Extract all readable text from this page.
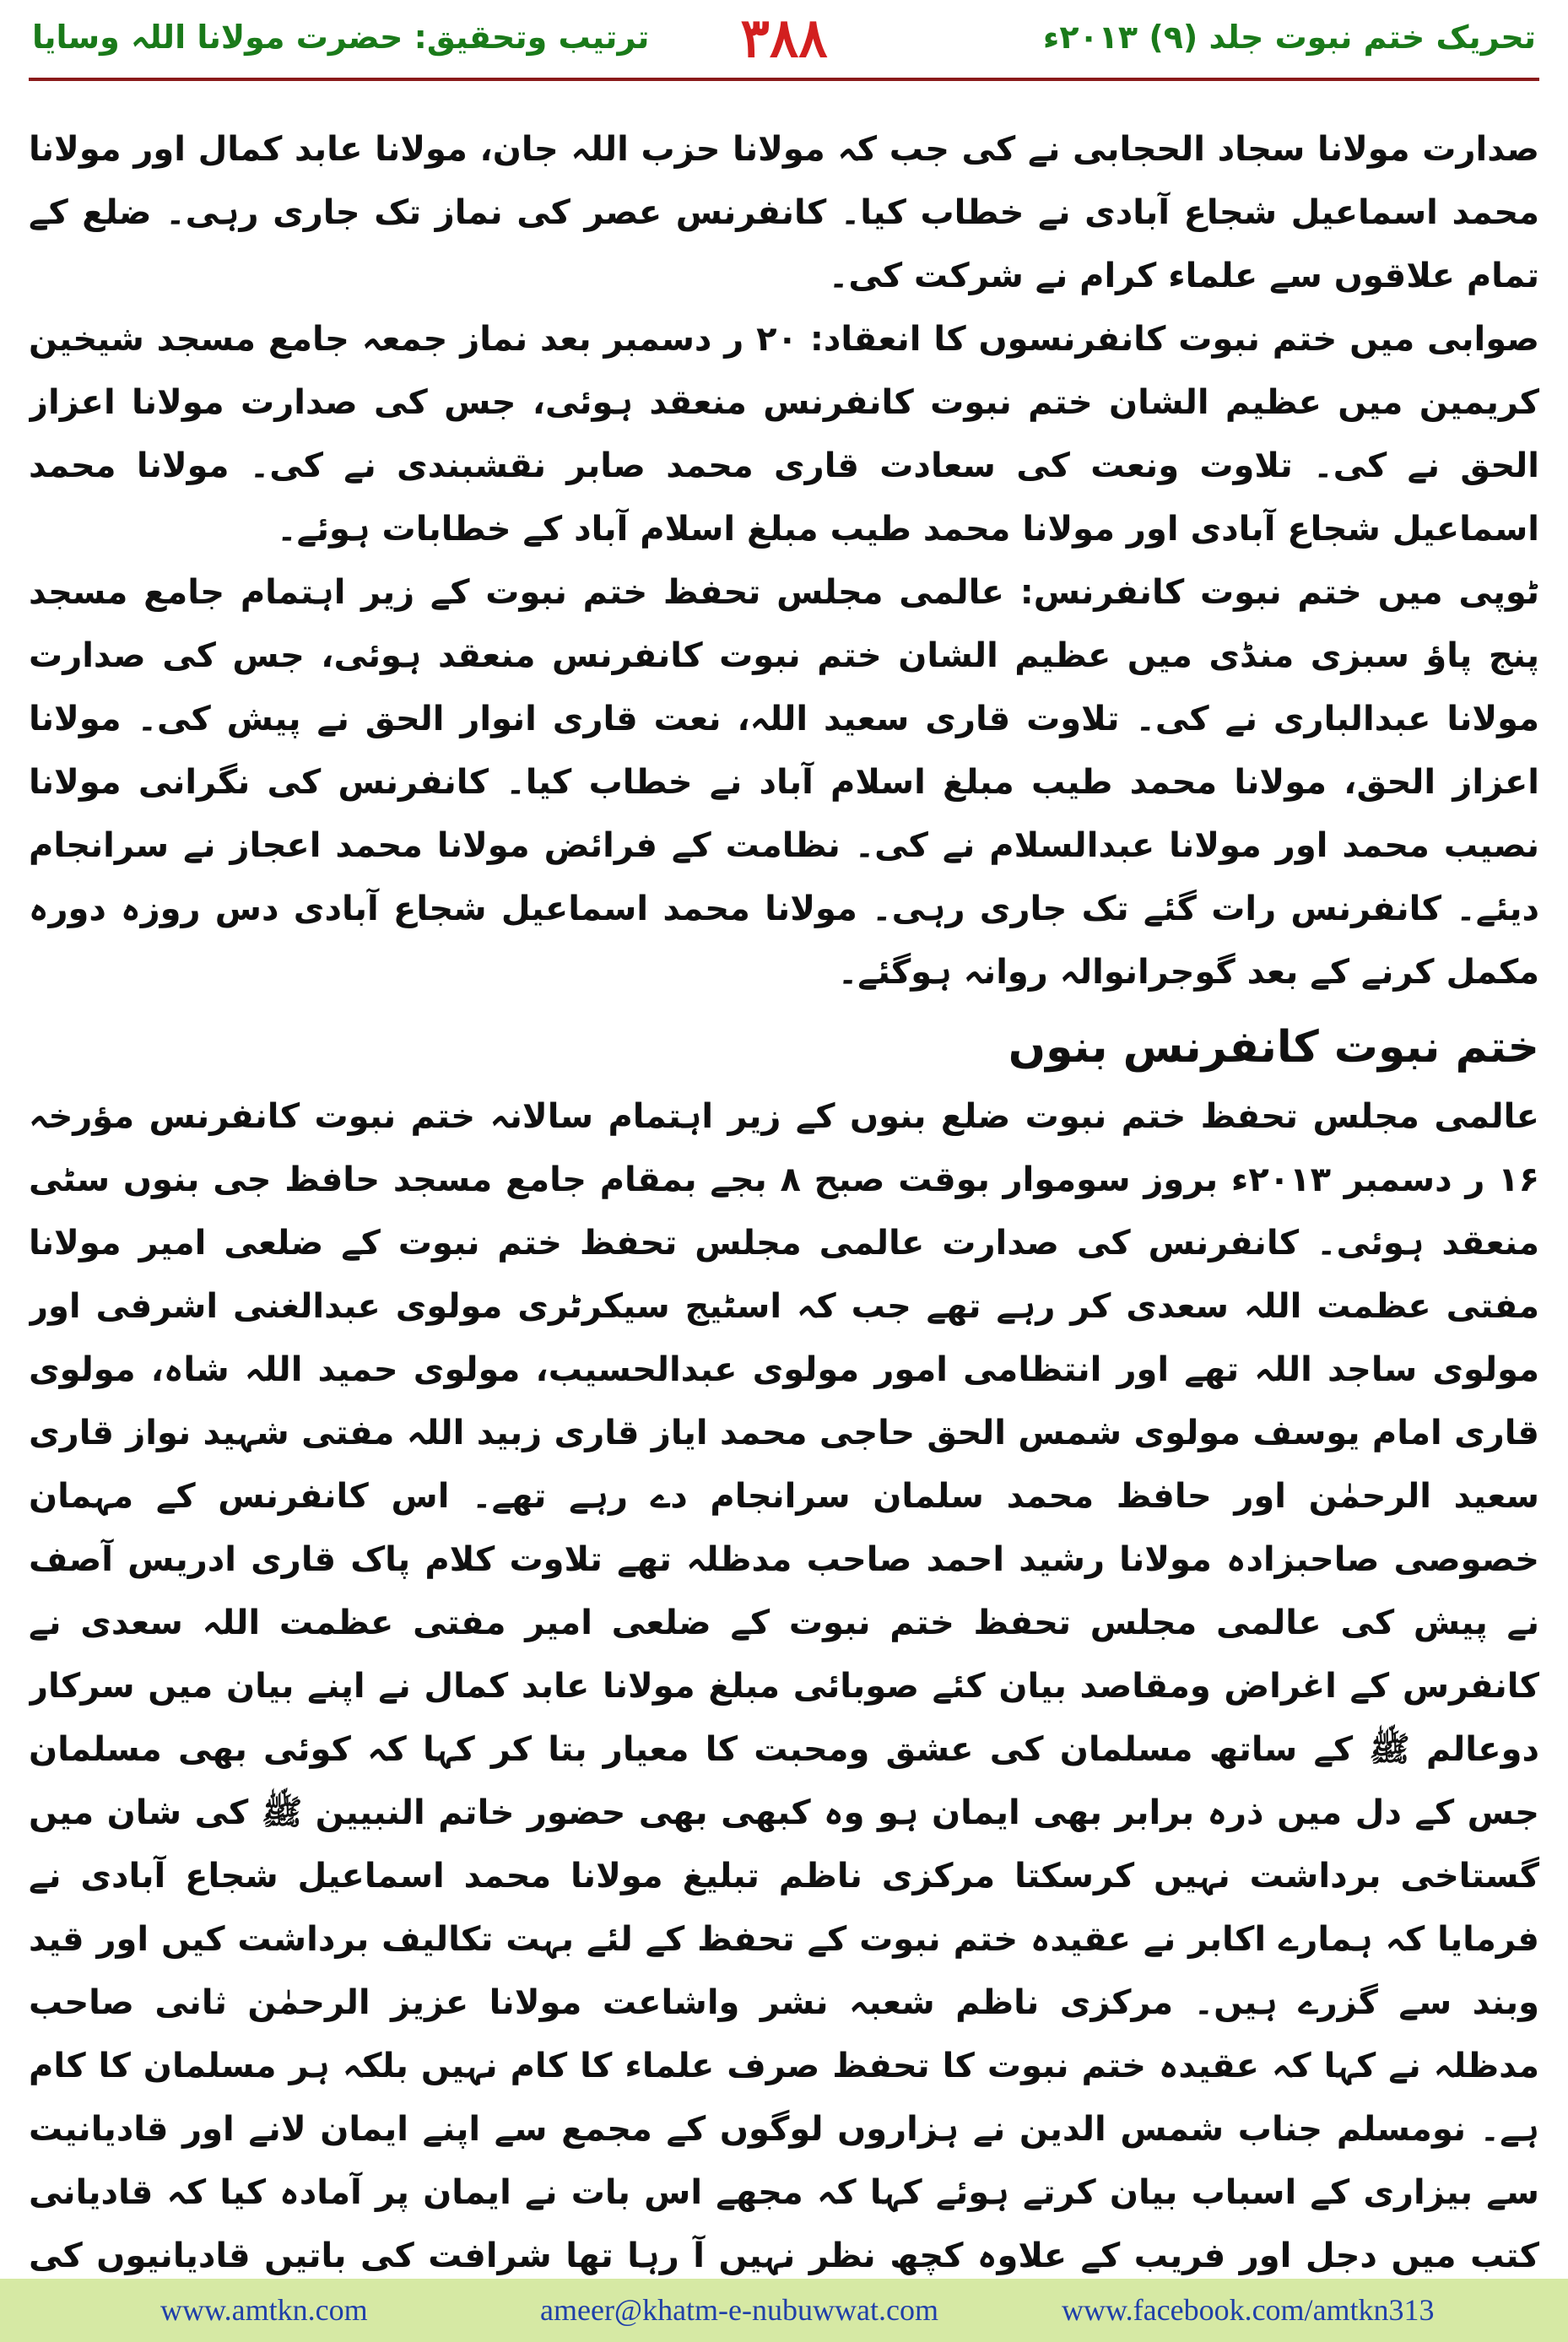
ترتیب وتحقیق: حضرت مولانا اللہ وسایا	۳۸۸	تحریک ختم نبوت جلد (۹) ۲۰۱۳ء

صدارت مولانا سجاد الحجابی نے کی جب کہ مولانا حزب اللہ جان، مولانا عابد کمال اور مولانا محمد اسماعیل شجاع آبادی نے خطاب کیا۔ کانفرنس عصر کی نماز تک جاری رہی۔ ضلع کے تمام علاقوں سے علماء کرام نے شرکت کی۔

صوابی میں ختم نبوت کانفرنسوں کا انعقاد: ۲۰ ر دسمبر بعد نماز جمعہ جامع مسجد شیخین کریمین میں عظیم الشان ختم نبوت کانفرنس منعقد ہوئی، جس کی صدارت مولانا اعزاز الحق نے کی۔ تلاوت ونعت کی سعادت قاری محمد صابر نقشبندی نے کی۔ مولانا محمد اسماعیل شجاع آبادی اور مولانا محمد طیب مبلغ اسلام آباد کے خطابات ہوئے۔

ٹوپی میں ختم نبوت کانفرنس: عالمی مجلس تحفظ ختم نبوت کے زیر اہتمام جامع مسجد پنج پاؤ سبزی منڈی میں عظیم الشان ختم نبوت کانفرنس منعقد ہوئی، جس کی صدارت مولانا عبدالباری نے کی۔ تلاوت قاری سعید اللہ، نعت قاری انوار الحق نے پیش کی۔ مولانا اعزاز الحق، مولانا محمد طیب مبلغ اسلام آباد نے خطاب کیا۔ کانفرنس کی نگرانی مولانا نصیب محمد اور مولانا عبدالسلام نے کی۔ نظامت کے فرائض مولانا محمد اعجاز نے سرانجام دیئے۔ کانفرنس رات گئے تک جاری رہی۔ مولانا محمد اسماعیل شجاع آبادی دس روزہ دورہ مکمل کرنے کے بعد گوجرانوالہ روانہ ہوگئے۔

ختم نبوت کانفرنس بنوں

عالمی مجلس تحفظ ختم نبوت ضلع بنوں کے زیر اہتمام سالانہ ختم نبوت کانفرنس مؤرخہ ۱۶ ر دسمبر ۲۰۱۳ء بروز سوموار بوقت صبح ۸ بجے بمقام جامع مسجد حافظ جی بنوں سٹی منعقد ہوئی۔ کانفرنس کی صدارت عالمی مجلس تحفظ ختم نبوت کے ضلعی امیر مولانا مفتی عظمت اللہ سعدی کر رہے تھے جب کہ اسٹیج سیکرٹری مولوی عبدالغنی اشرفی اور مولوی ساجد اللہ تھے اور انتظامی امور مولوی عبدالحسیب، مولوی حمید اللہ شاہ، مولوی قاری امام یوسف مولوی شمس الحق حاجی محمد ایاز قاری زبید اللہ مفتی شہید نواز قاری سعید الرحمٰن اور حافظ محمد سلمان سرانجام دے رہے تھے۔ اس کانفرنس کے مہمان خصوصی صاحبزادہ مولانا رشید احمد صاحب مدظلہ تھے تلاوت کلام پاک قاری ادریس آصف نے پیش کی عالمی مجلس تحفظ ختم نبوت کے ضلعی امیر مفتی عظمت اللہ سعدی نے کانفرس کے اغراض ومقاصد بیان کئے صوبائی مبلغ مولانا عابد کمال نے اپنے بیان میں سرکار دوعالم ﷺ کے ساتھ مسلمان کی عشق ومحبت کا معیار بتا کر کہا کہ کوئی بھی مسلمان جس کے دل میں ذرہ برابر بھی ایمان ہو وہ کبھی بھی حضور خاتم النبیین ﷺ کی شان میں گستاخی برداشت نہیں کرسکتا مرکزی ناظم تبلیغ مولانا محمد اسماعیل شجاع آبادی نے فرمایا کہ ہمارے اکابر نے عقیدہ ختم نبوت کے تحفظ کے لئے بہت تکالیف برداشت کیں اور قید وبند سے گزرے ہیں۔ مرکزی ناظم شعبہ نشر واشاعت مولانا عزیز الرحمٰن ثانی صاحب مدظلہ نے کہا کہ عقیدہ ختم نبوت کا تحفظ صرف علماء کا کام نہیں بلکہ ہر مسلمان کا کام ہے۔ نومسلم جناب شمس الدین نے ہزاروں لوگوں کے مجمع سے اپنے ایمان لانے اور قادیانیت سے بیزاری کے اسباب بیان کرتے ہوئے کہا کہ مجھے اس بات نے ایمان پر آمادہ کیا کہ قادیانی کتب میں دجل اور فریب کے علاوہ کچھ نظر نہیں آ رہا تھا شرافت کی باتیں قادیانیوں کی

www.amtkn.com	ameer@khatm-e-nubuwwat.com	www.facebook.com/amtkn313
